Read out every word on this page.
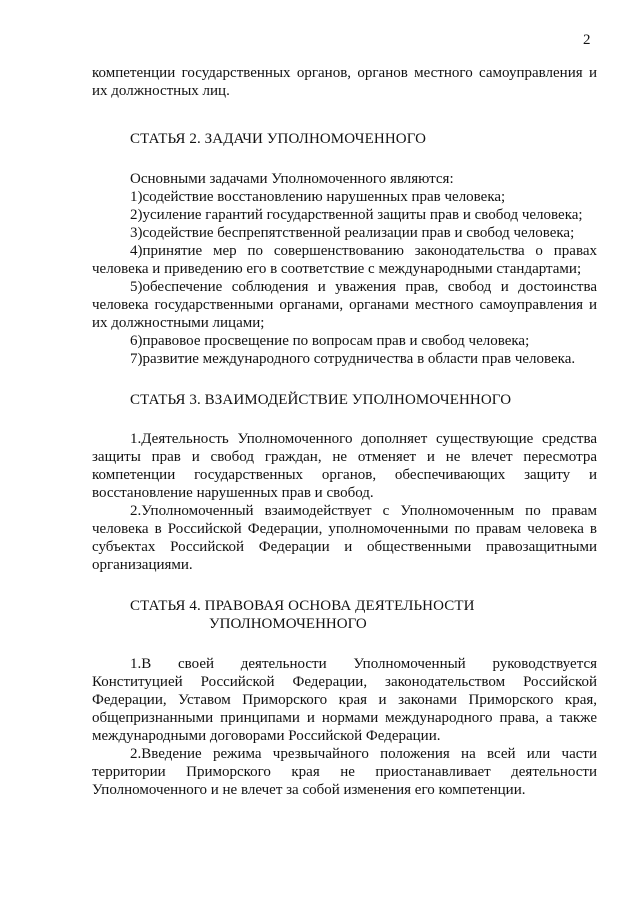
2

компетенции государственных органов, органов местного самоуправления и их должностных лиц.

СТАТЬЯ 2. ЗАДАЧИ УПОЛНОМОЧЕННОГО

Основными задачами Уполномоченного являются:

1)содействие восстановлению нарушенных прав человека;

2)усиление гарантий государственной защиты прав и свобод человека;

3)содействие беспрепятственной реализации прав и свобод человека;

4)принятие мер по совершенствованию законодательства о правах человека и приведению его в соответствие с международными стандартами;

5)обеспечение соблюдения и уважения прав, свобод и достоинства человека государственными органами, органами местного самоуправления и их должностными лицами;

6)правовое просвещение по вопросам прав и свобод человека;

7)развитие международного сотрудничества в области прав человека.

СТАТЬЯ 3. ВЗАИМОДЕЙСТВИЕ УПОЛНОМОЧЕННОГО

1.Деятельность Уполномоченного дополняет существующие средства защиты прав и свобод граждан, не отменяет и не влечет пересмотра компетенции государственных органов, обеспечивающих защиту и восстановление нарушенных прав и свобод.

2.Уполномоченный взаимодействует с Уполномоченным по правам человека в Российской Федерации, уполномоченными по правам человека в субъектах Российской Федерации и общественными правозащитными организациями.

СТАТЬЯ 4. ПРАВОВАЯ ОСНОВА ДЕЯТЕЛЬНОСТИ

УПОЛНОМОЧЕННОГО

1.В своей деятельности Уполномоченный руководствуется Конституцией Российской Федерации, законодательством Российской Федерации, Уставом Приморского края и законами Приморского края, общепризнанными принципами и нормами международного права, а также международными договорами Российской Федерации.

2.Введение режима чрезвычайного положения на всей или части территории Приморского края не приостанавливает деятельности Уполномоченного и не влечет за собой изменения его компетенции.
